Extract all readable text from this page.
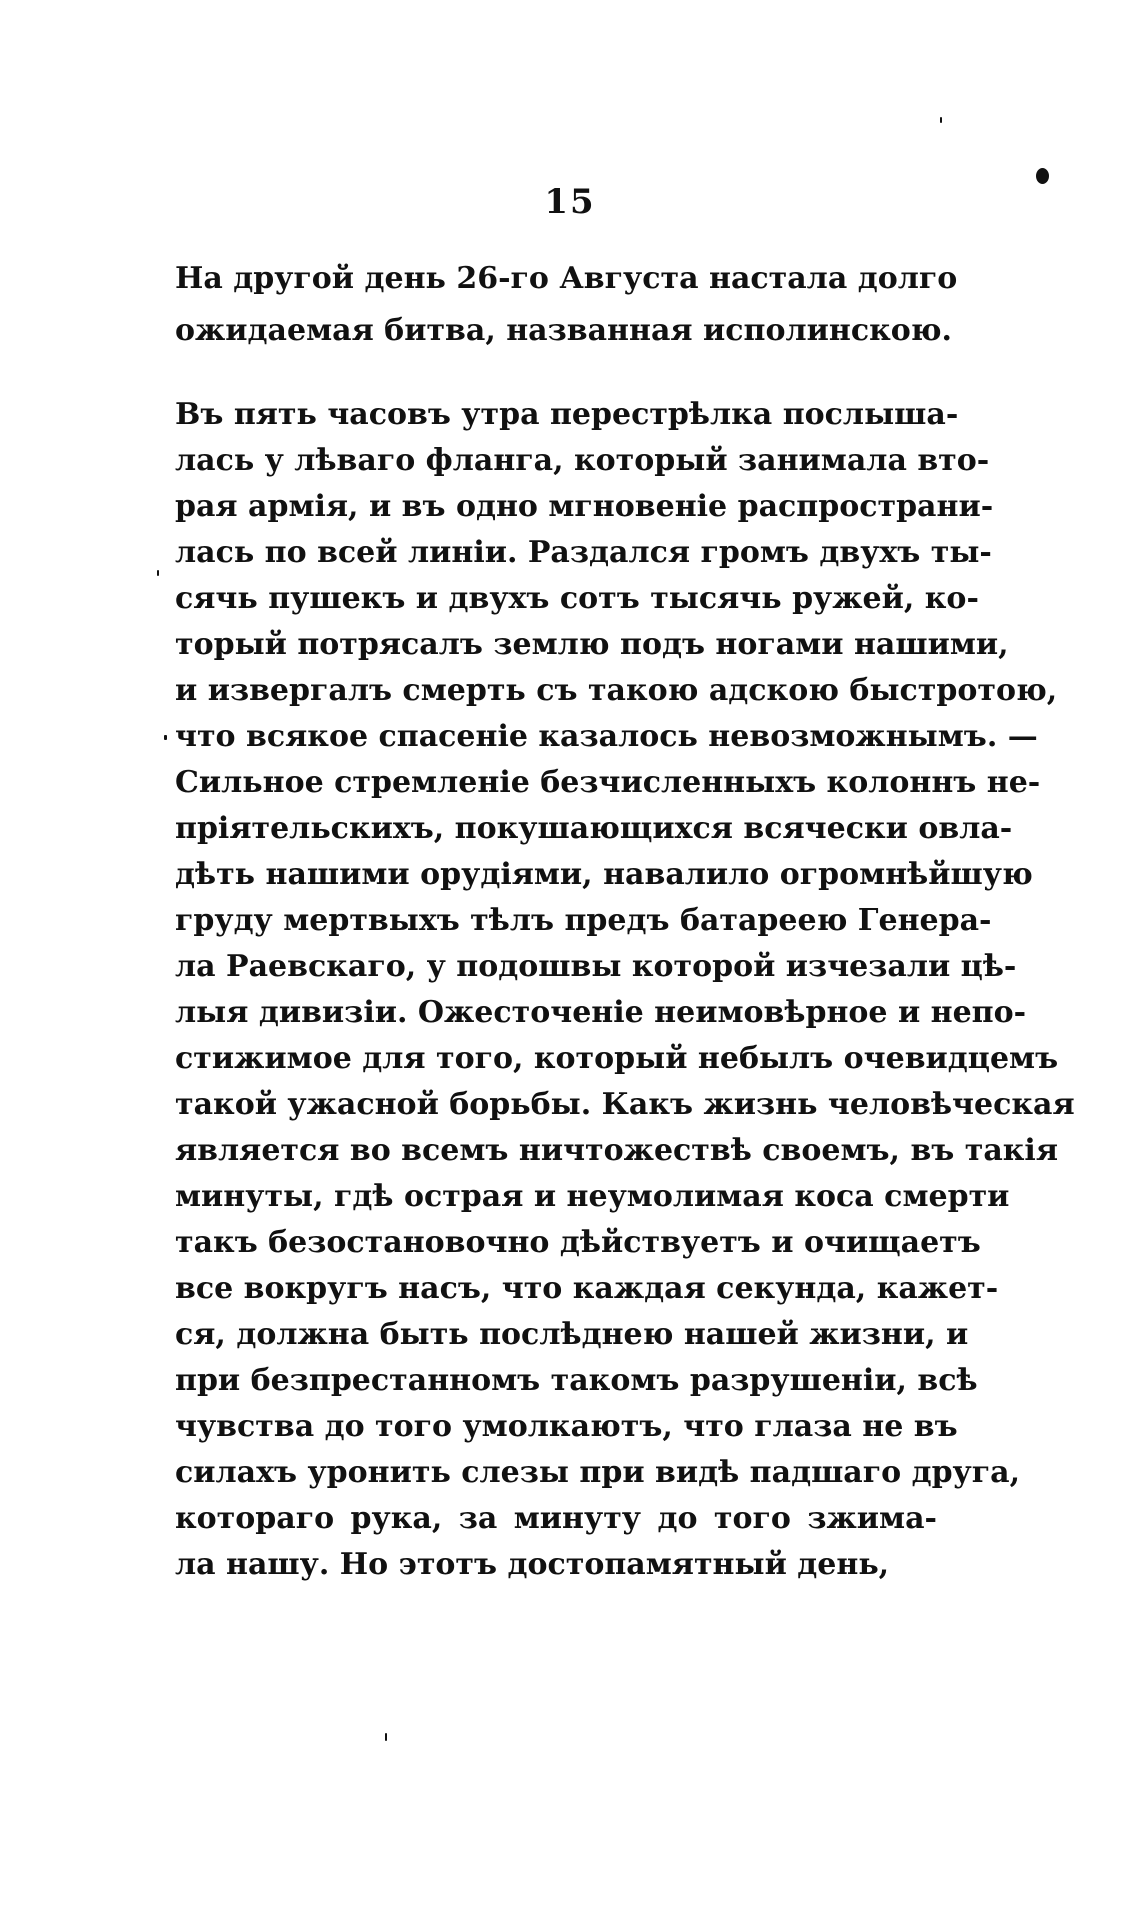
15
На другой день 26-го Августа настала долго
ожидаемая битва, названная исполинскою.
Въ пять часовъ утра перестрѣлка послыша-
лась у лѣваго фланга, который занимала вто-
рая армія, и въ одно мгновеніе распространи-
лась по всей линіи. Раздался громъ двухъ ты-
сячь пушекъ и двухъ сотъ тысячь ружей, ко-
торый потрясалъ землю подъ ногами нашими,
и извергалъ смерть съ такою адскою быстротою,
что всякое спасеніе казалось невозможнымъ. —
Сильное стремленіе безчисленныхъ колоннъ не-
пріятельскихъ, покушающихся всячески овла-
дѣть нашими орудіями, навалило огромнѣйшую
груду мертвыхъ тѣлъ предъ батареею Генера-
ла Раевскаго, у подошвы которой изчезали цѣ-
лыя дивизіи. Ожесточеніе неимовѣрное и непо-
стижимое для того, который небылъ очевидцемъ
такой ужасной борьбы. Какъ жизнь человѣческая
является во всемъ ничтожествѣ своемъ, въ такія
минуты, гдѣ острая и неумолимая коса смерти
такъ безостановочно дѣйствуетъ и очищаетъ
все вокругъ насъ, что каждая секунда, кажет-
ся, должна быть послѣднею нашей жизни, и
при безпрестанномъ такомъ разрушеніи, всѣ
чувства до того умолкаютъ, что глаза не въ
силахъ уронить слезы при видѣ падшаго друга,
котораго рука, за минуту до того зжима-
ла нашу. Но этотъ достопамятный день,
